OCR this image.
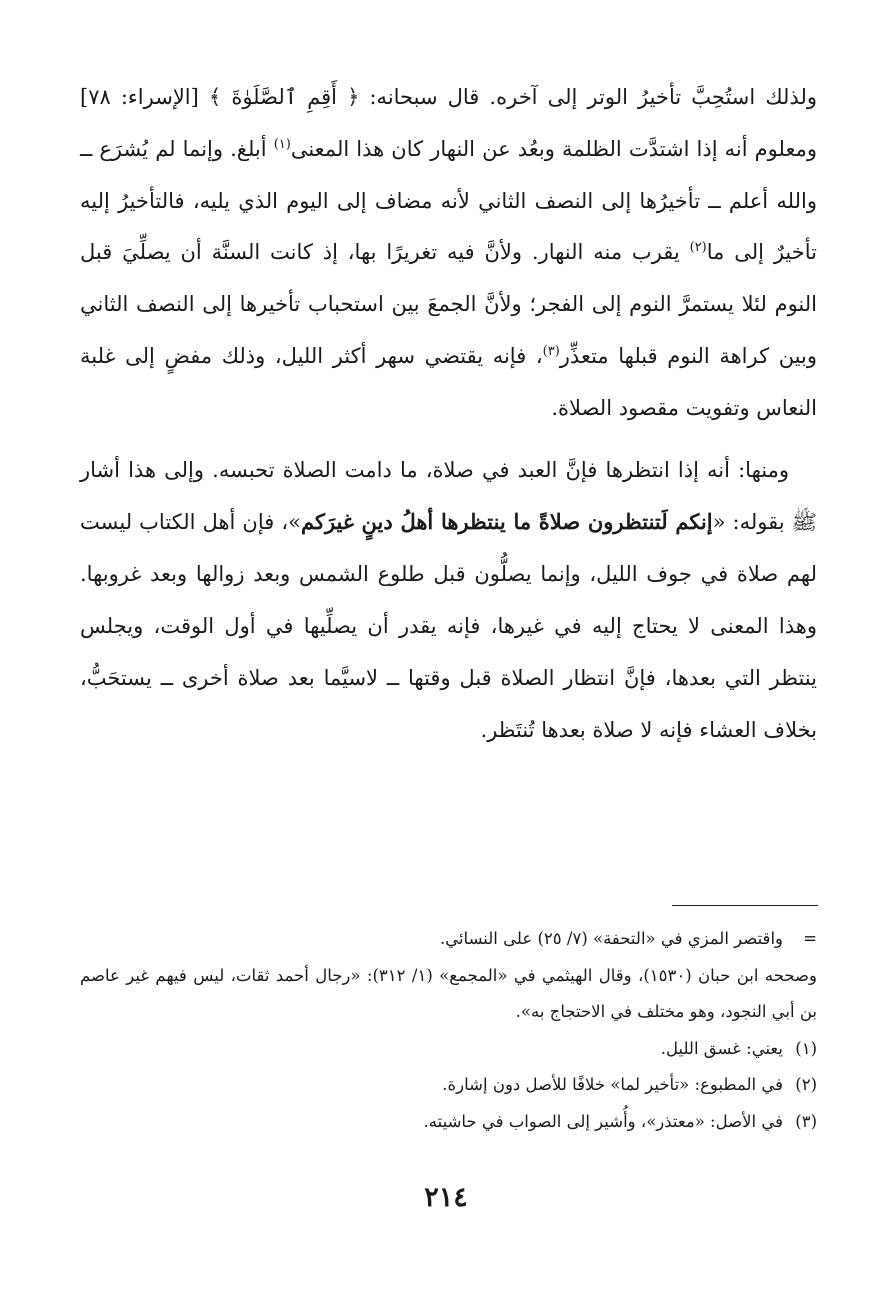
ولذلك استُحِبَّ تأخيرُ الوتر إلى آخره. قال سبحانه: ﴿ أَقِمِ ٱلصَّلَوٰةَ ﴾ [الإسراء: ٧٨] ومعلوم أنه إذا اشتدَّت الظلمة وبعُد عن النهار كان هذا المعنى$^{(١)}$ أبلغ. وإنما لم يُشرَع ــ والله أعلم ــ تأخيرُها إلى النصف الثاني لأنه مضاف إلى اليوم الذي يليه، فالتأخيرُ إليه تأخيرٌ إلى ما$^{(٢)}$ يقرب منه النهار. ولأنَّ فيه تغريرًا بها، إذ كانت السنَّة أن يصلِّيَ قبل النوم لئلا يستمرَّ النوم إلى الفجر؛ ولأنَّ الجمعَ بين استحباب تأخيرها إلى النصف الثاني وبين كراهة النوم قبلها متعذِّر$^{(٣)}$، فإنه يقتضي سهر أكثر الليل، وذلك مفضٍ إلى غلبة النعاس وتفويت مقصود الصلاة.

ومنها: أنه إذا انتظرها فإنَّ العبد في صلاة، ما دامت الصلاة تحبسه. وإلى هذا أشار ﷺ بقوله: «إنكم لَتنتظرون صلاةً ما ينتظرها أهلُ دينٍ غيرَكم»، فإن أهل الكتاب ليست لهم صلاة في جوف الليل، وإنما يصلُّون قبل طلوع الشمس وبعد زوالها وبعد غروبها. وهذا المعنى لا يحتاج إليه في غيرها، فإنه يقدر أن يصلِّيها في أول الوقت، ويجلس ينتظر التي بعدها، فإنَّ انتظار الصلاة قبل وقتها ــ لاسيَّما بعد صلاة أخرى ــ يستحَبُّ، بخلاف العشاء فإنه لا صلاة بعدها تُنتَظر.

=واقتصر المزي في «التحفة» (٧/ ٢٥) على النسائي.

وصححه ابن حبان (١٥٣٠)، وقال الهيثمي في «المجمع» (١/ ٣١٢): «رجال أحمد ثقات، ليس فيهم غير عاصم بن أبي النجود، وهو مختلف في الاحتجاج به».

(١)يعني: غسق الليل.

(٢)في المطبوع: «تأخير لما» خلافًا للأصل دون إشارة.

(٣)في الأصل: «معتذر»، وأُشير إلى الصواب في حاشيته.

٢١٤
